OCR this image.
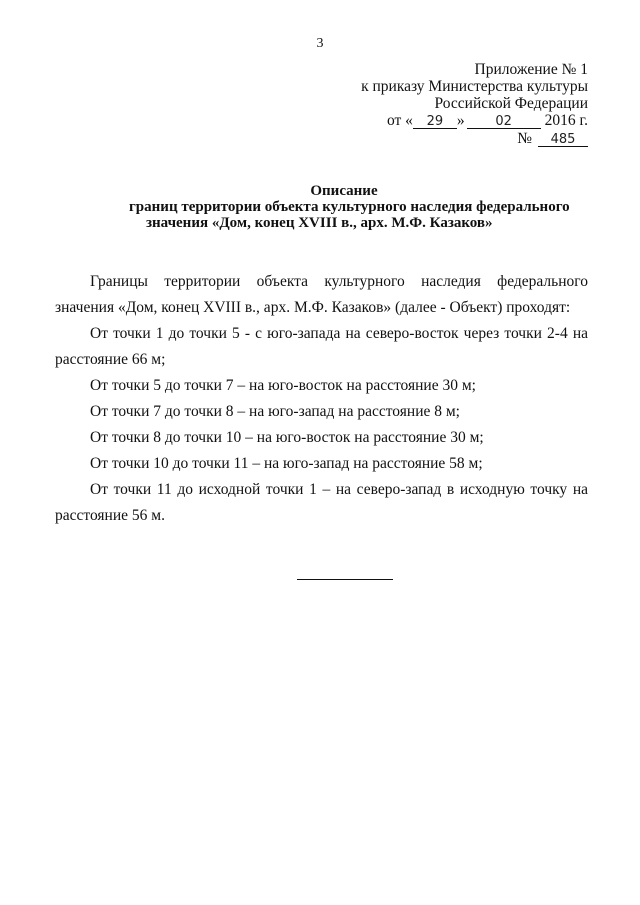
3
Приложение № 1
к приказу Министерства культуры
Российской Федерации
от «	29 »	02	2016 г.
№	485
Описание
границ территории объекта культурного наследия федерального
значения «Дом, конец XVIII в., арх. М.Ф. Казаков»

Границы территории объекта культурного наследия федерального значения «Дом, конец XVIII в., арх. М.Ф. Казаков» (далее - Объект) проходят:

От точки 1 до точки 5 - с юго-запада на северо-восток через точки 2-4 на расстояние 66 м;

От точки 5 до точки 7 – на юго-восток на расстояние 30 м;

От точки 7 до точки 8 – на юго-запад на расстояние 8 м;

От точки 8 до точки 10 – на юго-восток на расстояние 30 м;

От точки 10 до точки 11 – на юго-запад на расстояние 58 м;

От точки 11 до исходной точки 1 – на северо-запад в исходную точку на расстояние 56 м.
